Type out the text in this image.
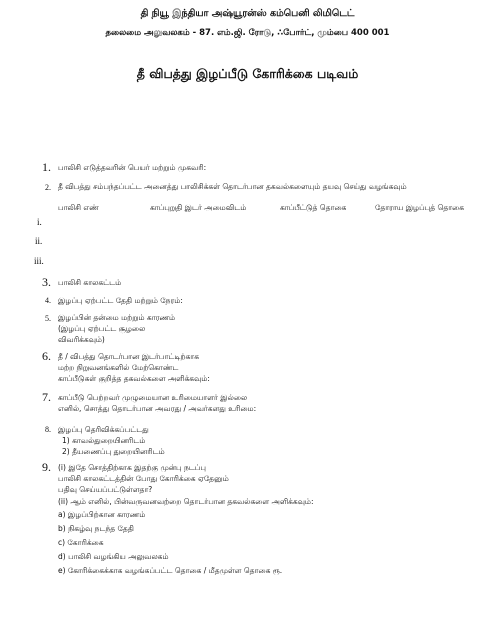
தி நியூ இந்தியா அஷ்யூரன்ஸ் கம்பெனி லிமிடெட்
தலைமை அலுவலகம் - 87. எம்.ஜி. ரோடு, ∴போர்ட், மும்பை 400 001
தீ விபத்து இழப்பீடு கோரிக்கை படிவம்
1. பாலிசி எடுத்தவரின் பெயர் மற்றும் முகவரி:
2. தீ விபத்து சம்பந்தப்பட்ட அனைத்து பாலிசிக்கள் தொடர்பான தகவல்களையும் தயவு செய்து வழங்கவும்
பாலிசி எண்	காப்புறுதி இடர் அமைவிடம்	காப்பீட்டுத் தொகை	தோராய இழப்புத் தொகை
i.
ii.
iii.
3. பாலிசி காலகட்டம்
4. இழப்பு ஏற்பட்ட தேதி மற்றும் நேரம்:
5. இழப்பின் தன்மை மற்றும் காரணம்
(இழப்பு ஏற்பட்ட சூழலை
விவரிக்கவும்)
6. தீ / விபத்து தொடர்பான இடர்பாட்டிற்காக
மற்ற நிறுவனங்களில் மேற்கொண்ட
காப்பீடுகள் குறித்த தகவல்களை அளிக்கவும்:
7. காப்பீடு பெற்றவர் முழுமையான உரிமையாளர் இல்லை
எனில், சொத்து தொடர்பான அவரது / அவர்களது உரிமை:
8. இழப்பு தெரிவிக்கப்பட்டது
1) காவல்துறையினரிடம்
2) தீயணைப்பு துறையினரிடம்
9. (i) இதே சொத்திற்காக இதற்கு முன்பு நடப்பு
பாலிசி காலகட்டத்தின் போது கோரிக்கை ஏதேனும்
பதிவு செய்யப்பட்டுள்ளதா?
(ii) ஆம் எனில், பின்வருவனவற்றை தொடர்பான தகவல்களை அளிக்கவும்:
a) இழப்பிற்கான காரணம்
b) நிகழ்வு நடந்த தேதி
c) கோரிக்கை
d) பாலிசி வழங்கிய அலுவலகம்
e) கோரிக்கைக்காக வழங்கப்பட்ட தொகை / மீதமுள்ள தொகை ரூ.
